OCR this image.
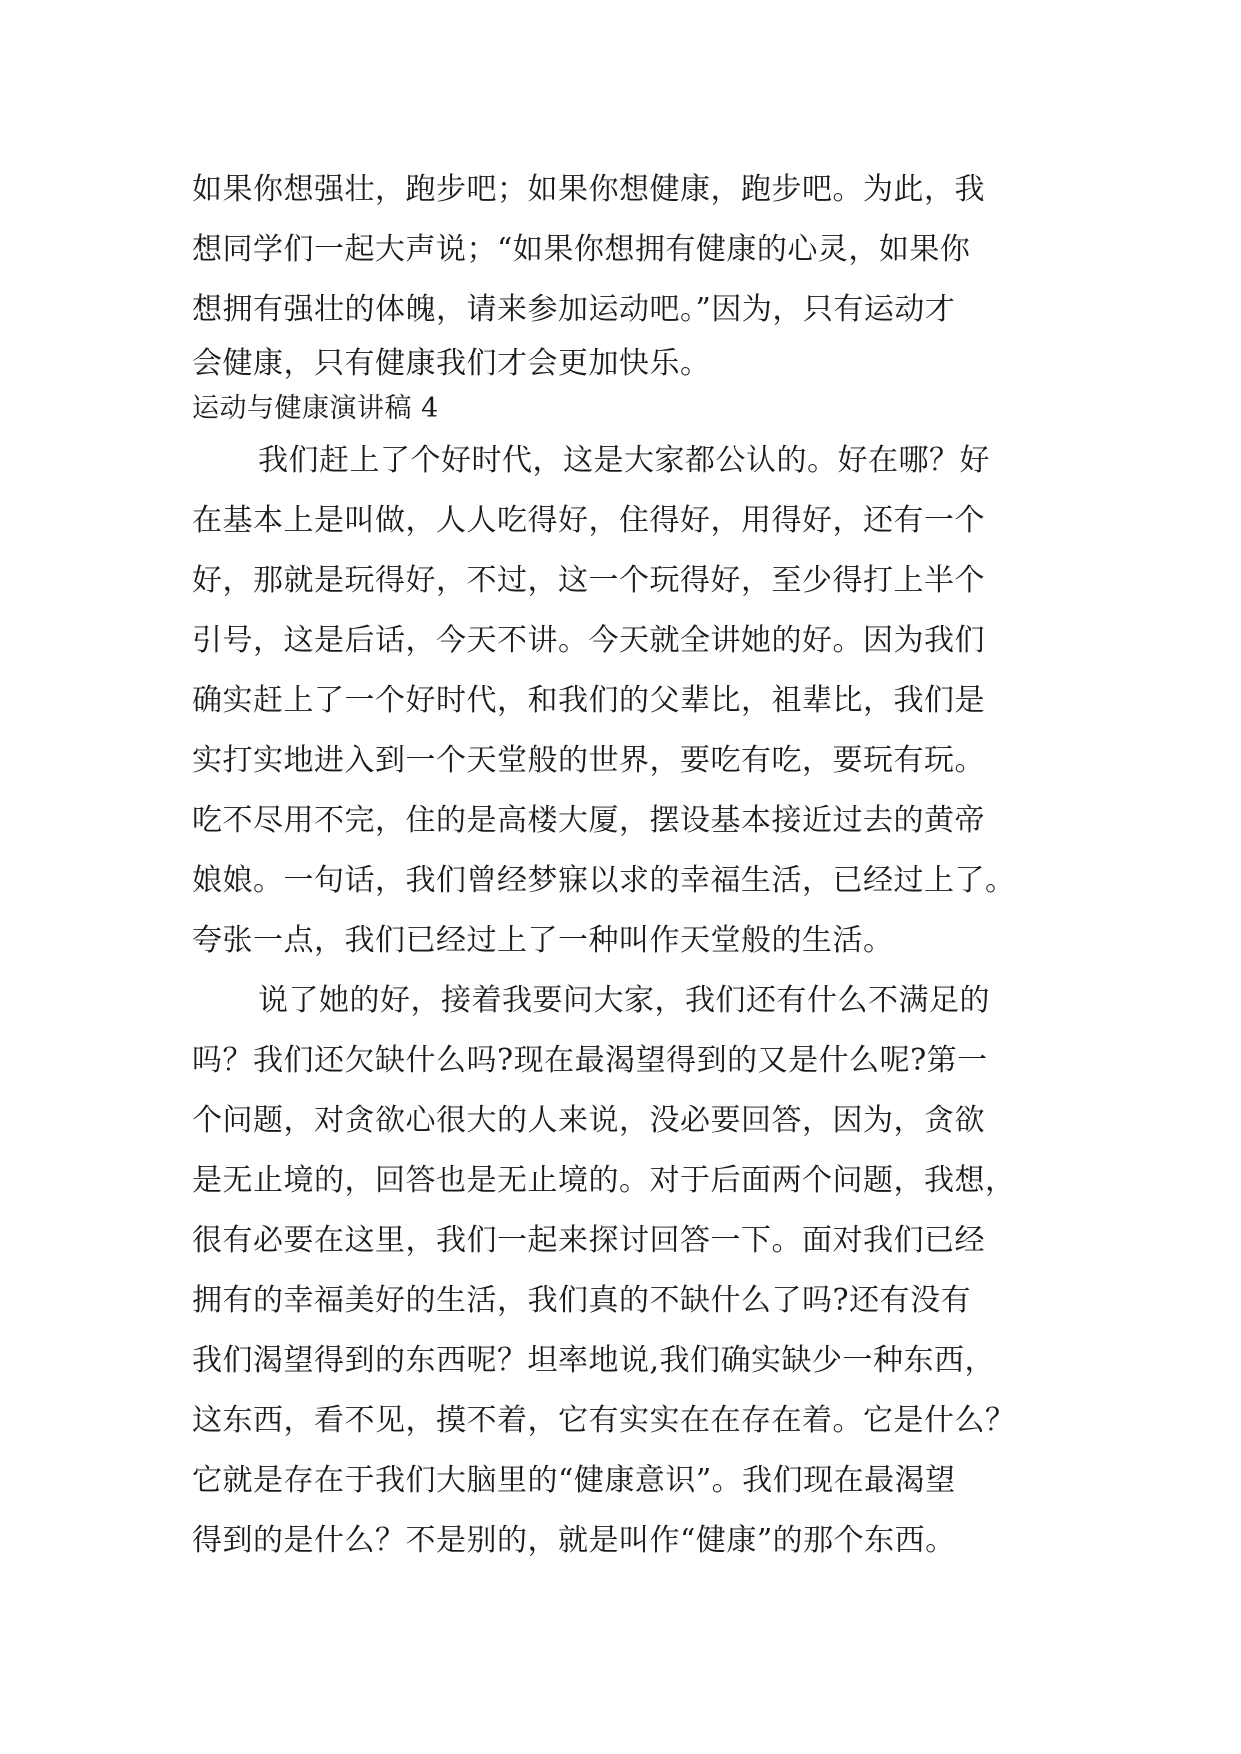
如果你想强壮，跑步吧；如果你想健康，跑步吧。为此，我
想同学们一起大声说；“如果你想拥有健康的心灵，如果你
想拥有强壮的体魄，请来参加运动吧。”因为，只有运动才
会健康，只有健康我们才会更加快乐。
运动与健康演讲稿 4
我们赶上了个好时代，这是大家都公认的。好在哪？好
在基本上是叫做，人人吃得好，住得好，用得好，还有一个
好，那就是玩得好，不过，这一个玩得好，至少得打上半个
引号，这是后话，今天不讲。今天就全讲她的好。因为我们
确实赶上了一个好时代，和我们的父辈比，祖辈比，我们是
实打实地进入到一个天堂般的世界，要吃有吃，要玩有玩。
吃不尽用不完，住的是高楼大厦，摆设基本接近过去的黄帝
娘娘。一句话，我们曾经梦寐以求的幸福生活，已经过上了。
夸张一点，我们已经过上了一种叫作天堂般的生活。
说了她的好，接着我要问大家，我们还有什么不满足的
吗？我们还欠缺什么吗?现在最渴望得到的又是什么呢?第一
个问题，对贪欲心很大的人来说，没必要回答，因为，贪欲
是无止境的，回答也是无止境的。对于后面两个问题，我想，
很有必要在这里，我们一起来探讨回答一下。面对我们已经
拥有的幸福美好的生活，我们真的不缺什么了吗?还有没有
我们渴望得到的东西呢？坦率地说,我们确实缺少一种东西，
这东西，看不见，摸不着，它有实实在在存在着。它是什么？
它就是存在于我们大脑里的“健康意识”。我们现在最渴望
得到的是什么？不是别的，就是叫作“健康”的那个东西。
